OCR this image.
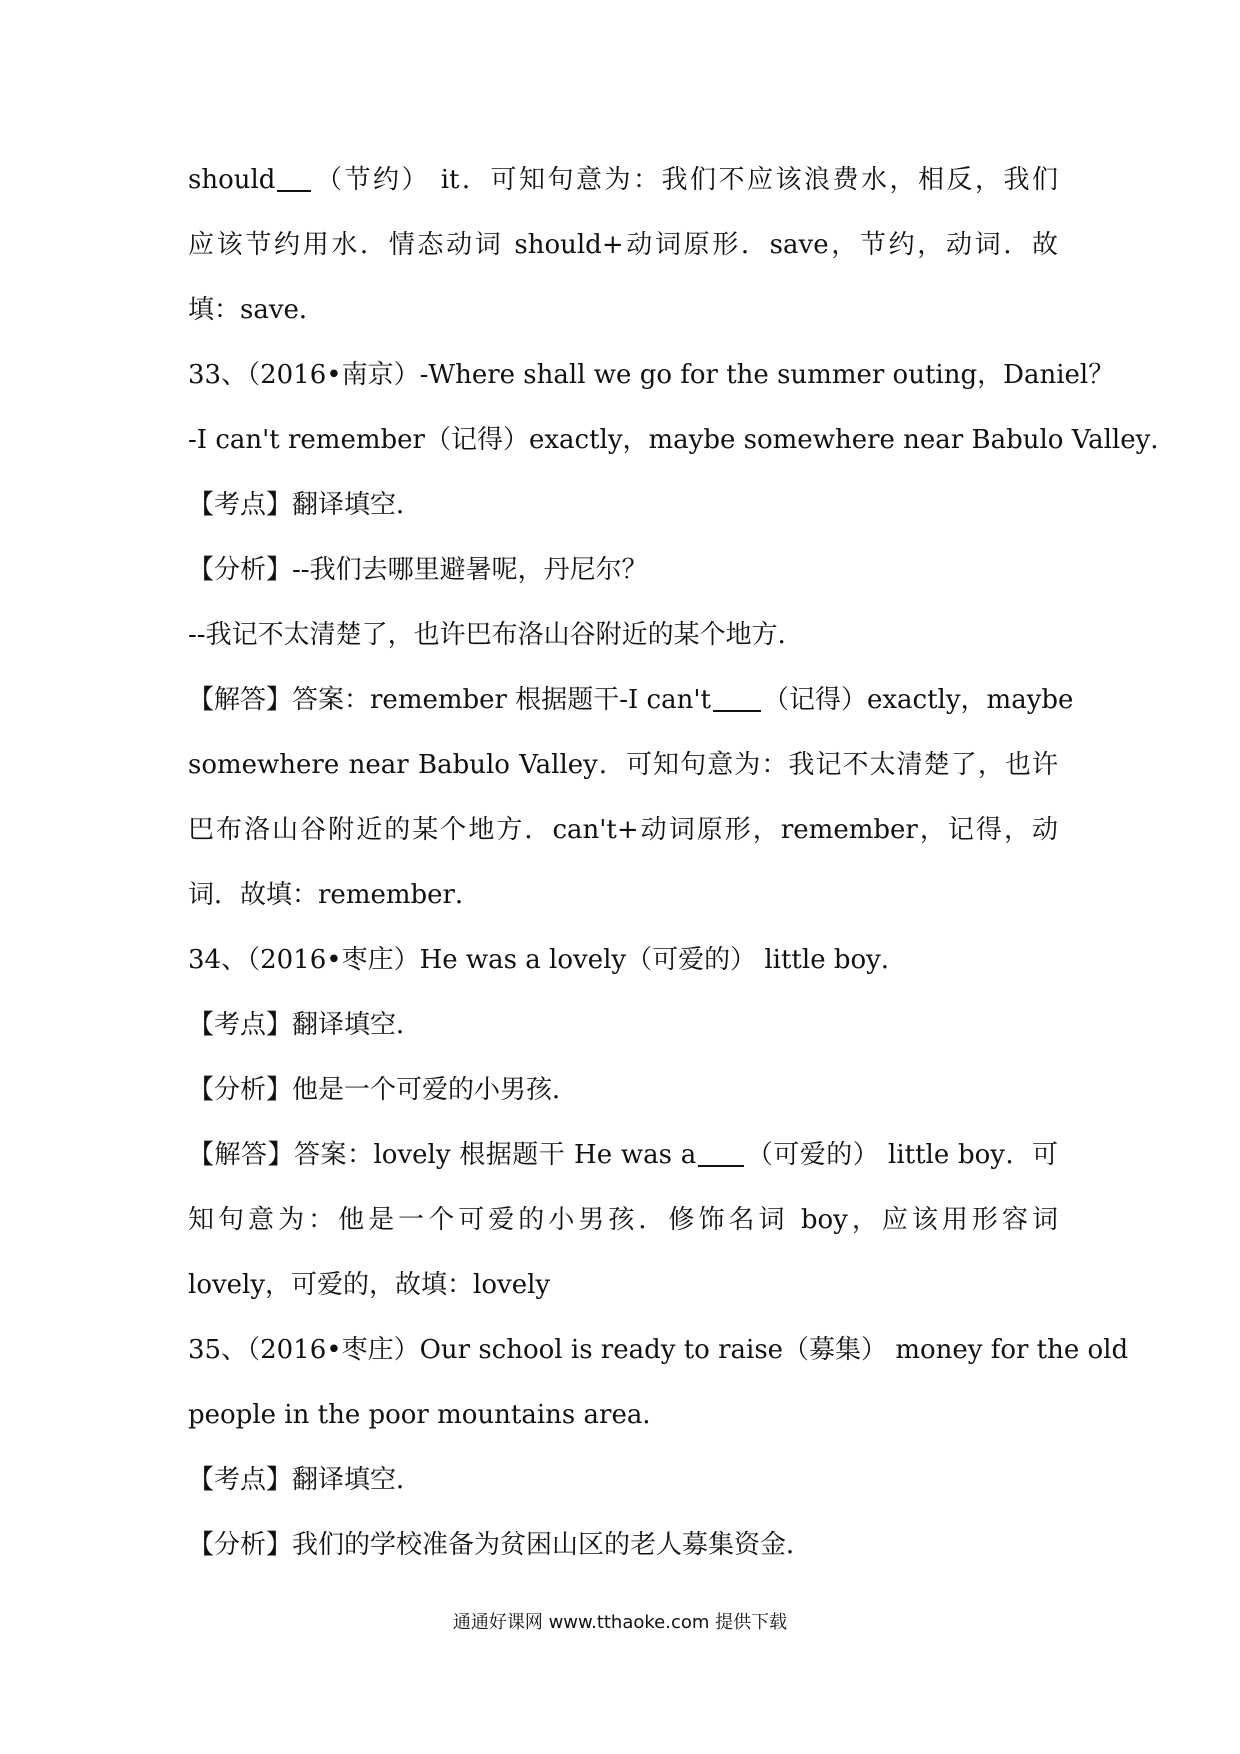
should （节约） it．可知句意为：我们不应该浪费水，相反，我们
应该节约用水．情态动词 should+动词原形．save，节约，动词．故
填：save．
33、（2016•南京）-Where shall we go for the summer outing，Daniel？
-I can't remember（记得）exactly，maybe somewhere near Babulo Valley．
【考点】翻译填空．
【分析】--我们去哪里避暑呢，丹尼尔？
--我记不太清楚了，也许巴布洛山谷附近的某个地方．
【解答】答案：remember 根据题干-I can't （记得）exactly，maybe
somewhere near Babulo Valley．可知句意为：我记不太清楚了，也许
巴布洛山谷附近的某个地方．can't+动词原形，remember，记得，动
词．故填：remember．
34、（2016•枣庄）He was a lovely（可爱的） little boy．
【考点】翻译填空．
【分析】他是一个可爱的小男孩．
【解答】答案：lovely 根据题干 He was a （可爱的） little boy．可
知句意为：他是一个可爱的小男孩．修饰名词 boy，应该用形容词
lovely，可爱的，故填：lovely
35、（2016•枣庄）Our school is ready to raise（募集） money for the old
people in the poor mountains area．
【考点】翻译填空．
【分析】我们的学校准备为贫困山区的老人募集资金．
通通好课网 www.tthaoke.com 提供下载
